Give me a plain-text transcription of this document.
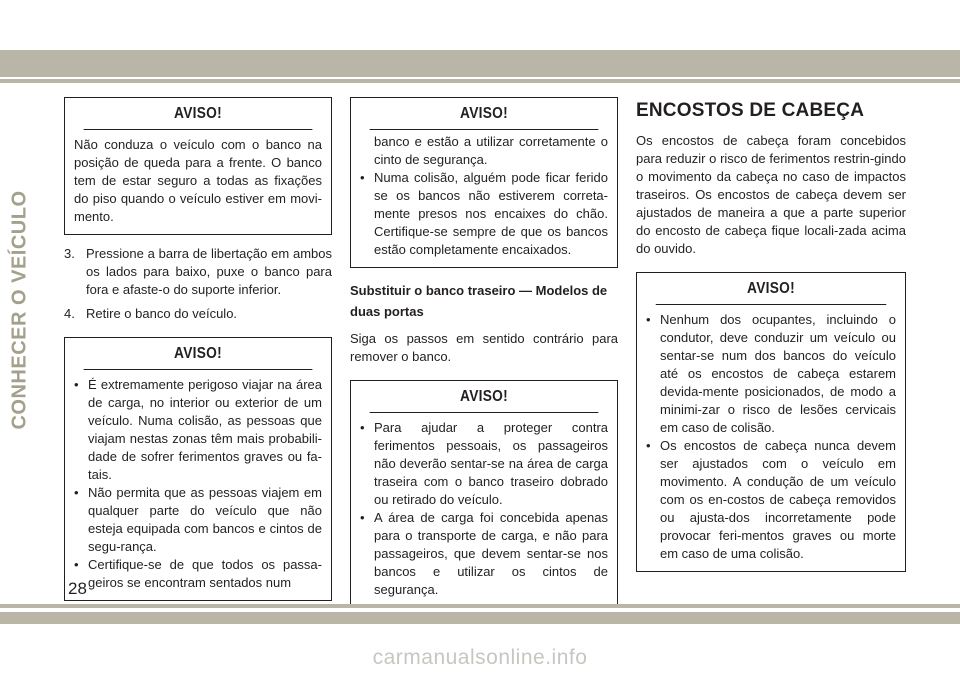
CONHECER O VEÍCULO
AVISO!

Não conduza o veículo com o banco na posição de queda para a frente. O banco tem de estar seguro a todas as fixações do piso quando o veículo estiver em movi-mento.

3. Pressione a barra de libertação em ambos os lados para baixo, puxe o banco para fora e afaste-o do suporte inferior.
4. Retire o banco do veículo.
AVISO!

• É extremamente perigoso viajar na área de carga, no interior ou exterior de um veículo. Numa colisão, as pessoas que viajam nestas zonas têm mais probabili-dade de sofrer ferimentos graves ou fa-tais.

• Não permita que as pessoas viajem em qualquer parte do veículo que não esteja equipada com bancos e cintos de segu-rança.

• Certifique-se de que todos os passa-geiros se encontram sentados num

AVISO!

banco e estão a utilizar corretamente o cinto de segurança.

• Numa colisão, alguém pode ficar ferido se os bancos não estiverem correta-mente presos nos encaixes do chão. Certifique-se sempre de que os bancos estão completamente encaixados.

Substituir o banco traseiro — Modelos de duas portas

Siga os passos em sentido contrário para remover o banco.

AVISO!

• Para ajudar a proteger contra ferimentos pessoais, os passageiros não deverão sentar-se na área de carga traseira com o banco traseiro dobrado ou retirado do veículo.

• A área de carga foi concebida apenas para o transporte de carga, e não para passageiros, que devem sentar-se nos bancos e utilizar os cintos de segurança.

ENCOSTOS DE CABEÇA

Os encostos de cabeça foram concebidos para reduzir o risco de ferimentos restrin-gindo o movimento da cabeça no caso de impactos traseiros. Os encostos de cabeça devem ser ajustados de maneira a que a parte superior do encosto de cabeça fique locali-zada acima do ouvido.

AVISO!

• Nenhum dos ocupantes, incluindo o condutor, deve conduzir um veículo ou sentar-se num dos bancos do veículo até os encostos de cabeça estarem devida-mente posicionados, de modo a minimi-zar o risco de lesões cervicais em caso de colisão.

• Os encostos de cabeça nunca devem ser ajustados com o veículo em movimento. A condução de um veículo com os en-costos de cabeça removidos ou ajusta-dos incorretamente pode provocar feri-mentos graves ou morte em caso de uma colisão.

28
carmanualsonline.info
